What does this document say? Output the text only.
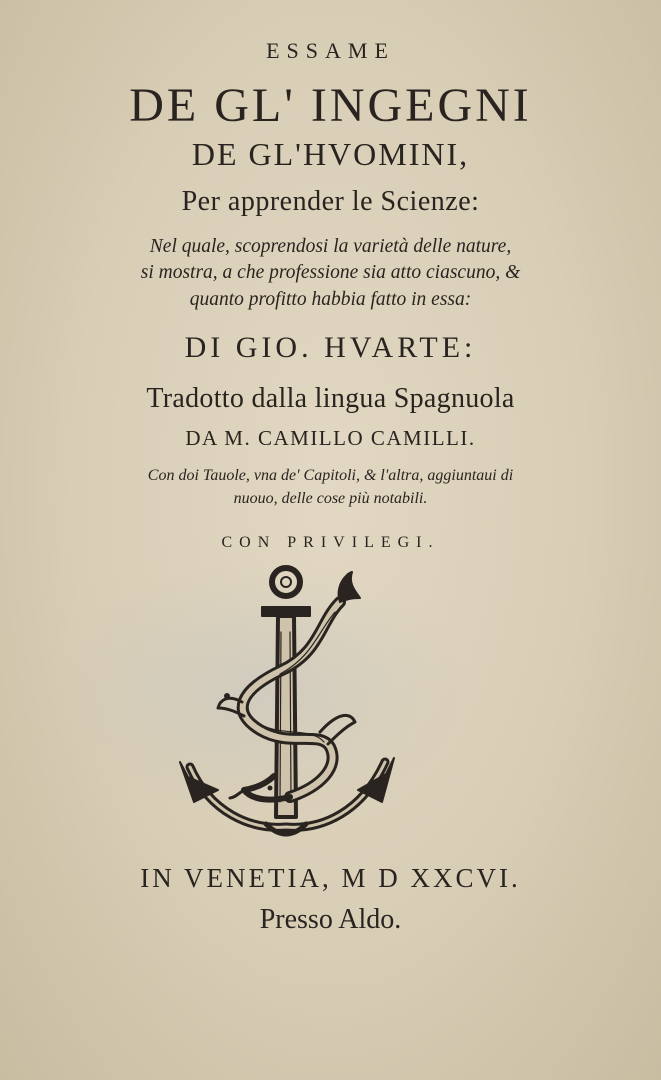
ESSAME
DE GL' INGEGNI
DE GL'HVOMINI,
Per apprender le Scienze:
Nel quale, scoprendosi la varietà delle nature,
si mostra, a che professione sia atto ciascuno, &
quanto profitto habbia fatto in essa:
DI GIO. HVARTE:
Tradotto dalla lingua Spagnuola
DA M. CAMILLO CAMILLI.
Con doi Tauole, vna de' Capitoli, & l'altra, aggiuntaui di
nuouo, delle cose più notabili.
CON PRIVILEGI.
IN VENETIA, M D XXCVI.
Presso Aldo.
